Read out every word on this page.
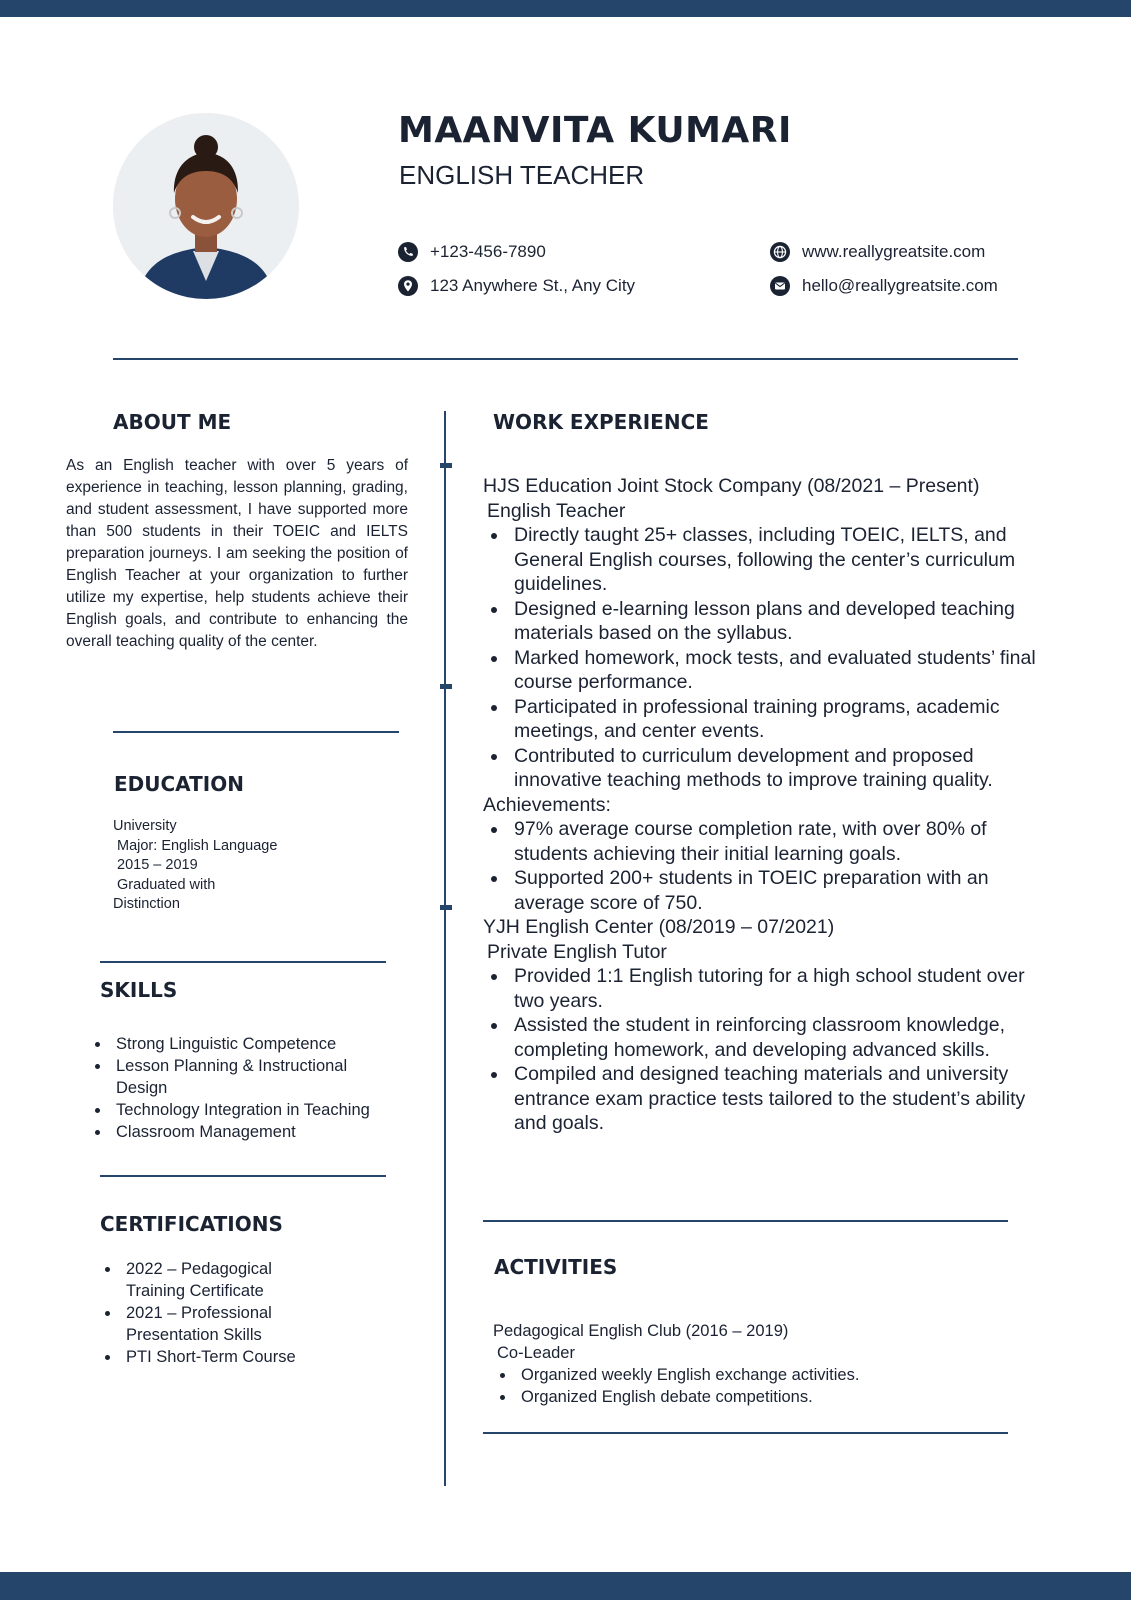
MAANVITA KUMARI
ENGLISH TEACHER
+123-456-7890
123 Anywhere St., Any City
www.reallygreatsite.com
hello@reallygreatsite.com
ABOUT ME

As an English teacher with over 5 years of experience in teaching, lesson planning, grading, and student assessment, I have supported more than 500 students in their TOEIC and IELTS preparation journeys. I am seeking the position of English Teacher at your organization to further utilize my expertise, help students achieve their English goals, and contribute to enhancing the overall teaching quality of the center.

EDUCATION
University
Major: English Language
2015 – 2019
Graduated with
Distinction
SKILLS
Strong Linguistic Competence
Lesson Planning & Instructional Design
Technology Integration in Teaching
Classroom Management
CERTIFICATIONS
2022 – Pedagogical Training Certificate
2021 – Professional Presentation Skills
PTI Short-Term Course
WORK EXPERIENCE
HJS Education Joint Stock Company (08/2021 – Present)
English Teacher
Directly taught 25+ classes, including TOEIC, IELTS, and General English courses, following the center’s curriculum guidelines.
Designed e-learning lesson plans and developed teaching materials based on the syllabus.
Marked homework, mock tests, and evaluated students’ final course performance.
Participated in professional training programs, academic meetings, and center events.
Contributed to curriculum development and proposed innovative teaching methods to improve training quality.
Achievements:
97% average course completion rate, with over 80% of students achieving their initial learning goals.
Supported 200+ students in TOEIC preparation with an average score of 750.
YJH English Center (08/2019 – 07/2021)
Private English Tutor
Provided 1:1 English tutoring for a high school student over two years.
Assisted the student in reinforcing classroom knowledge, completing homework, and developing advanced skills.
Compiled and designed teaching materials and university entrance exam practice tests tailored to the student’s ability and goals.
ACTIVITIES
Pedagogical English Club (2016 – 2019)
Co-Leader
Organized weekly English exchange activities.
Organized English debate competitions.
